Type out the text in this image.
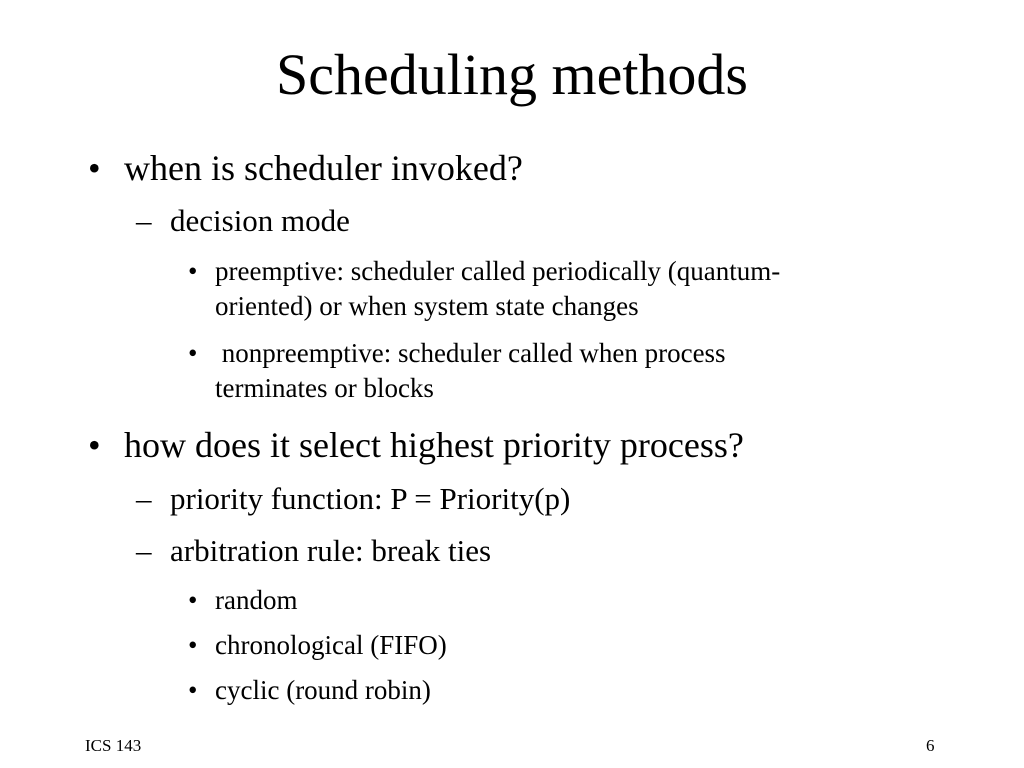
Scheduling methods
• when is scheduler invoked?
– decision mode
• preemptive: scheduler called periodically (quantum-
oriented) or when system state changes
• nonpreemptive: scheduler called when process
terminates or blocks
• how does it select highest priority process?
– priority function: P = Priority(p)
– arbitration rule: break ties
• random
• chronological (FIFO)
• cyclic (round robin)
ICS 143	6
